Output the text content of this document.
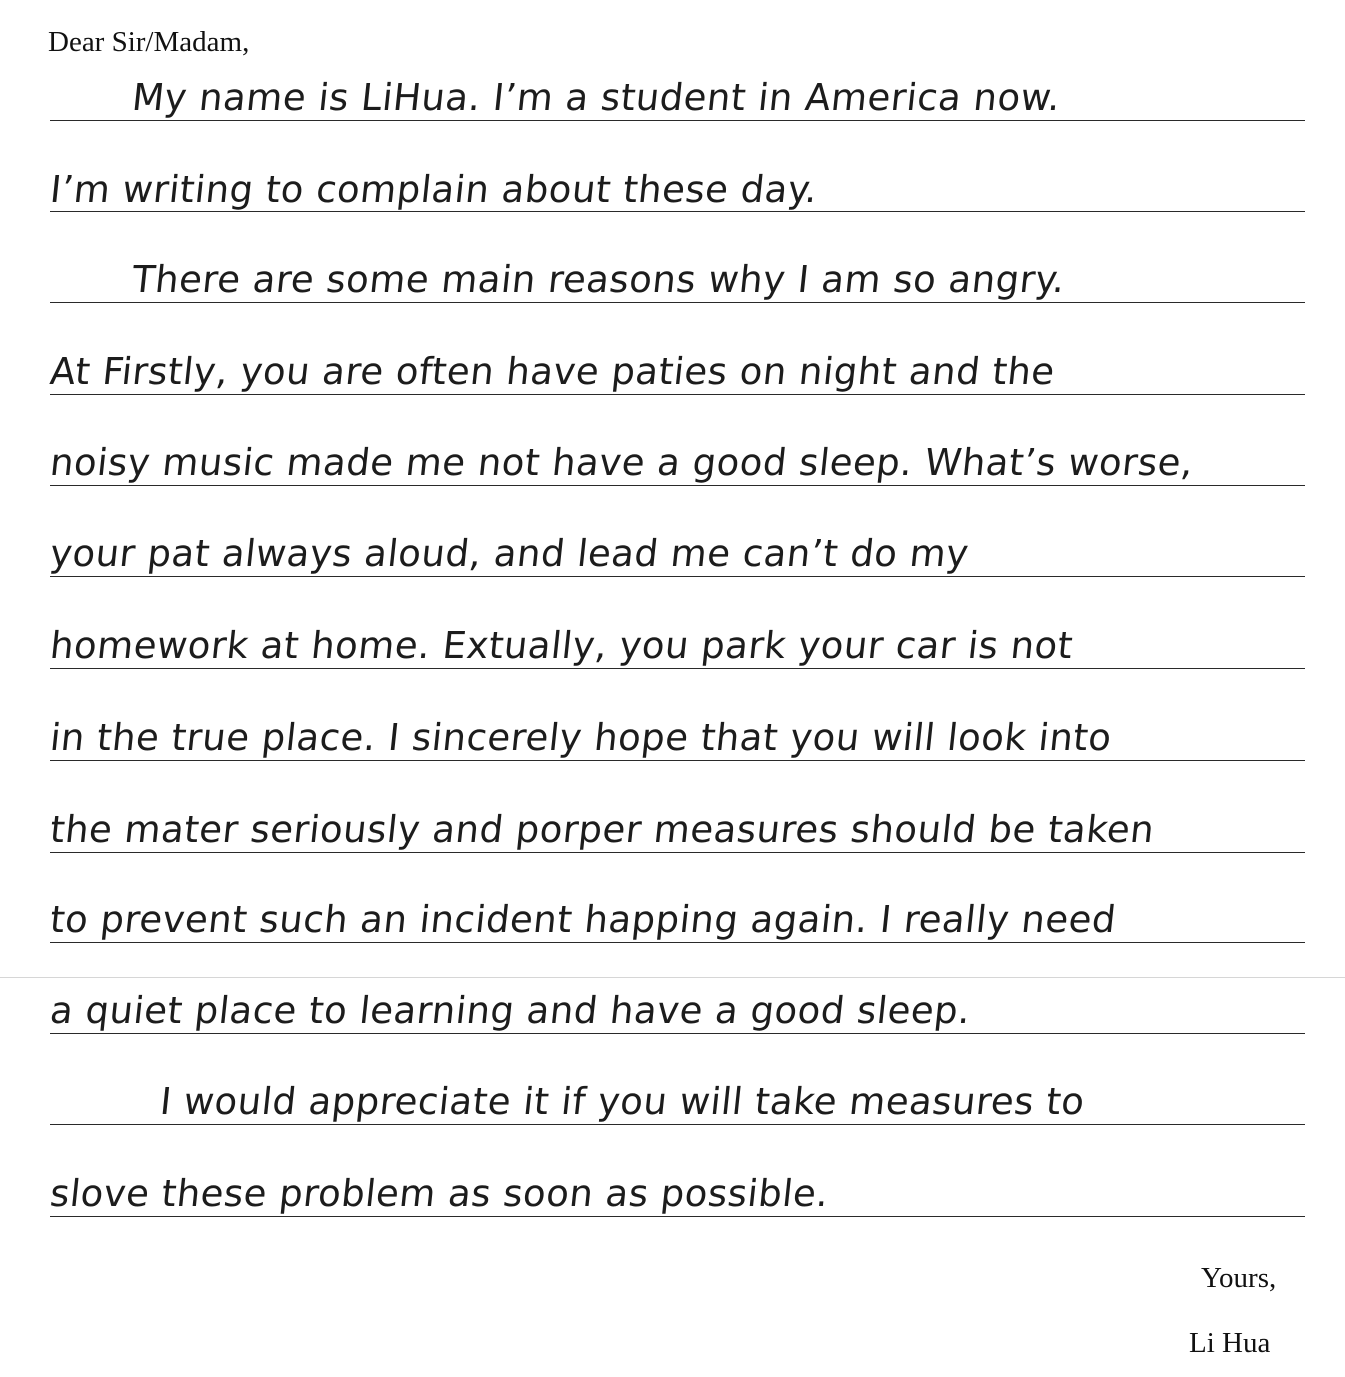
Dear Sir/Madam,
My name is LiHua. I’m a student in America now.
I’m writing to complain about these day.
There are some main reasons why I am so angry.
At Firstly, you are often have paties on night and the
noisy music made me not have a good sleep. What’s worse,
your pat always aloud, and lead me can’t do my
homework at home. Extually, you park your car is not
in the true place. I sincerely hope that you will look into
the mater seriously and porper measures should be taken
to prevent such an incident happing again. I really need
a quiet place to learning and have a good sleep.
I would appreciate it if you will take measures to
slove these problem as soon as possible.
Yours,
Li Hua
